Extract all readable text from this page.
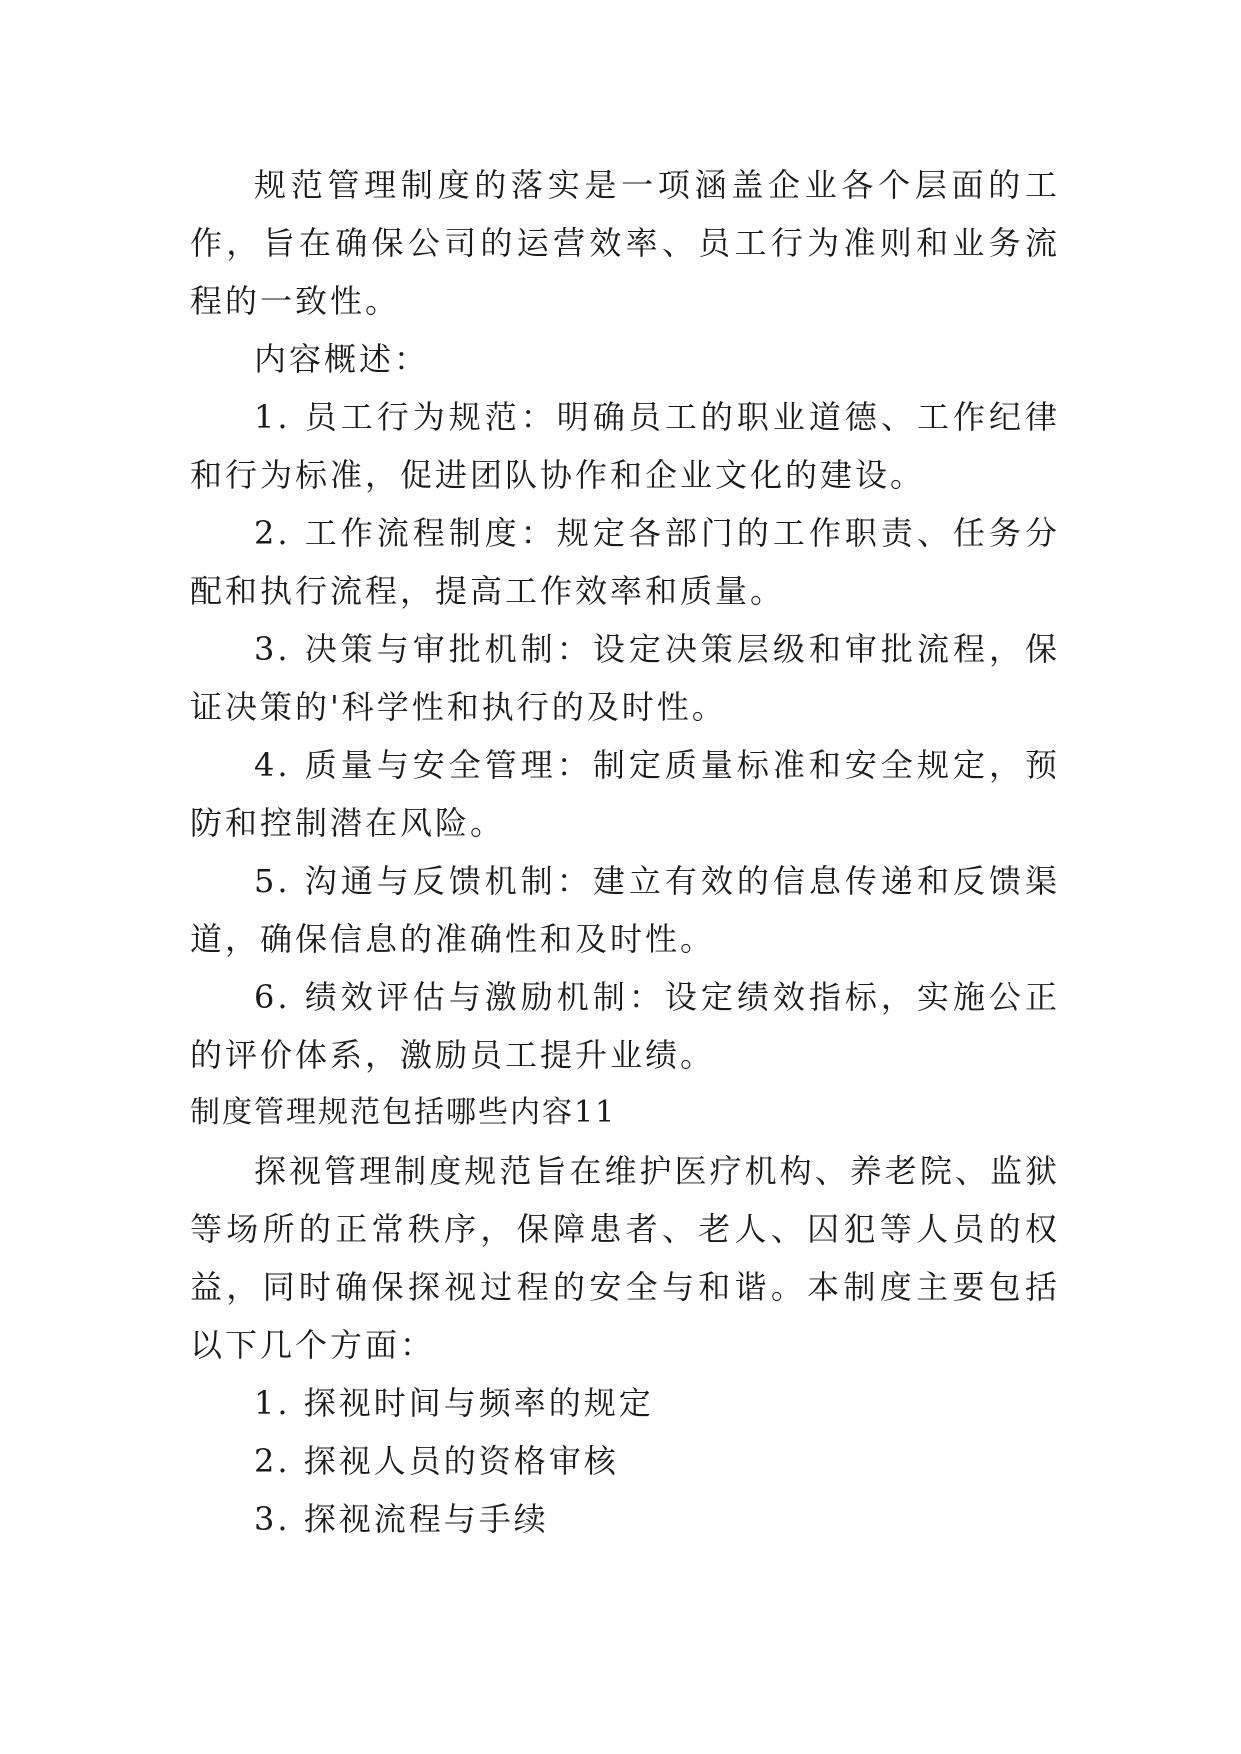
规范管理制度的落实是一项涵盖企业各个层面的工作，旨在确保公司的运营效率、员工行为准则和业务流程的一致性。

内容概述：

1. 员工行为规范：明确员工的职业道德、工作纪律和行为标准，促进团队协作和企业文化的建设。

2. 工作流程制度：规定各部门的工作职责、任务分配和执行流程，提高工作效率和质量。

3. 决策与审批机制：设定决策层级和审批流程，保证决策的'科学性和执行的及时性。

4. 质量与安全管理：制定质量标准和安全规定，预防和控制潜在风险。

5. 沟通与反馈机制：建立有效的信息传递和反馈渠道，确保信息的准确性和及时性。

6. 绩效评估与激励机制：设定绩效指标，实施公正的评价体系，激励员工提升业绩。

制度管理规范包括哪些内容11

探视管理制度规范旨在维护医疗机构、养老院、监狱等场所的正常秩序，保障患者、老人、囚犯等人员的权益，同时确保探视过程的安全与和谐。本制度主要包括以下几个方面：

1. 探视时间与频率的规定

2. 探视人员的资格审核

3. 探视流程与手续
